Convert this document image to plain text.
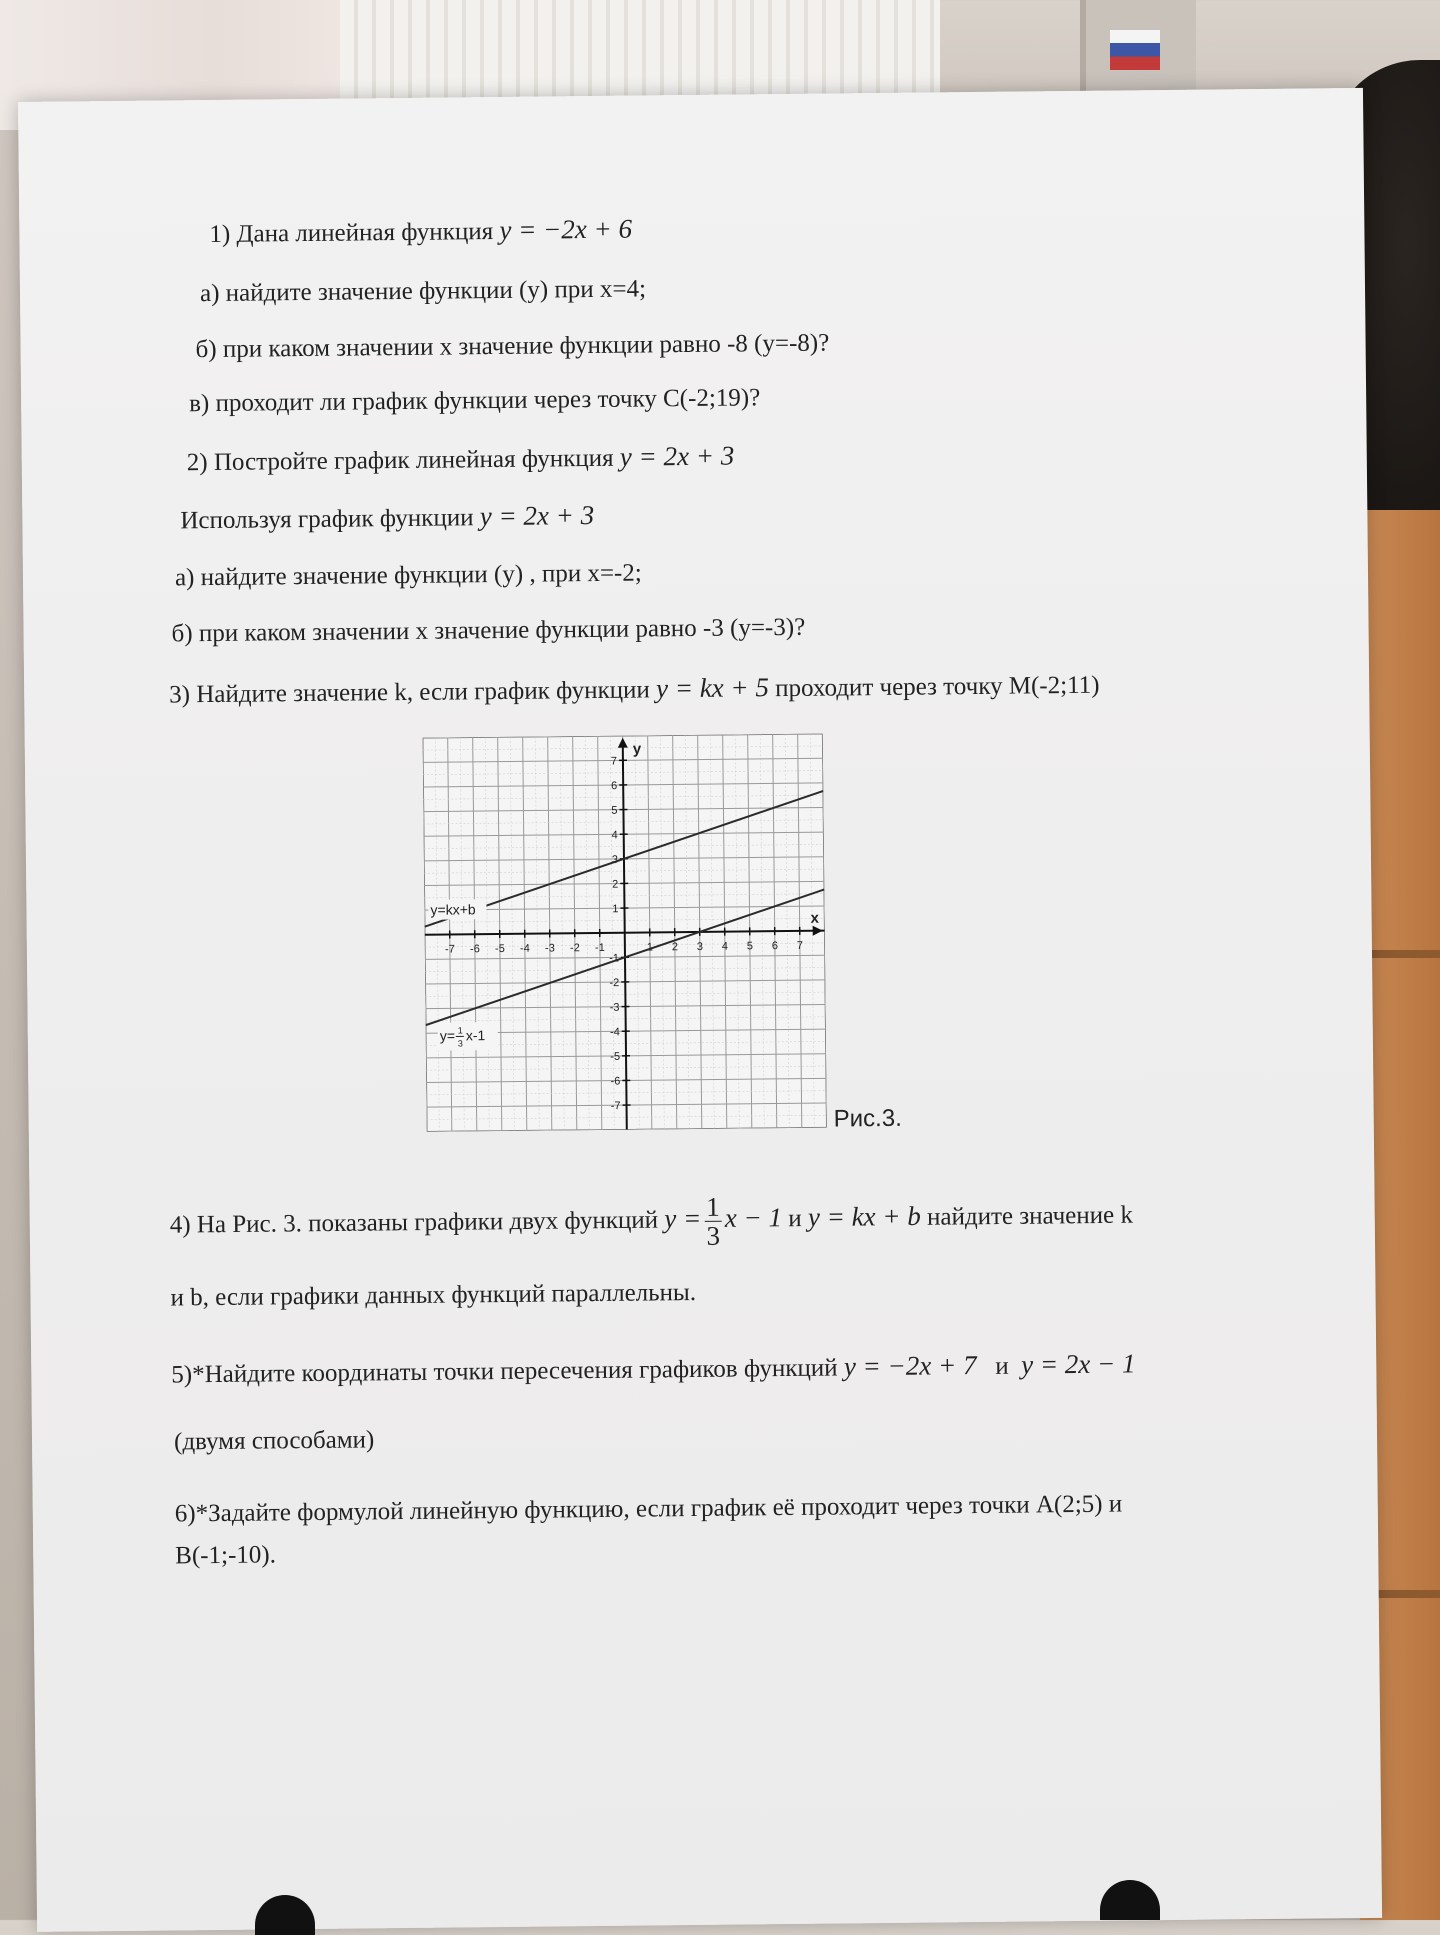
1) Дана линейная функция y = −2x + 6
а) найдите значение функции (у) при x=4;
б) при каком значении x значение функции равно -8 (у=-8)?
в) проходит ли график функции через точку С(-2;19)?
2) Постройте график линейная функция y = 2x + 3
Используя график функции y = 2x + 3
а) найдите значение функции (у) , при x=-2;
б) при каком значении x значение функции равно -3 (у=-3)?
3) Найдите значение k, если график функции y = kx + 5 проходит через точку М(-2;11)
-7 -6 -5 -4 -3 -2 -1	1 2 3 4 5 6 7
-7
-6
-5
-4
-3
-2
-1
1
2
3
4
5
6
7
y
x
y=kx+b
y= 1
3
x-1
Рис.3.
4) На Рис. 3. показаны графики двух функций $y = \frac{1}{3}$ x − 1 и y = kx + b найдите значение k
и b, если графики данных функций параллельны.
5)*Найдите координаты точки пересечения графиков функций y = −2x + 7 и y = 2x − 1
(двумя способами)
6)*Задайте формулой линейную функцию, если график её проходит через точки А(2;5) и
В(-1;-10).
